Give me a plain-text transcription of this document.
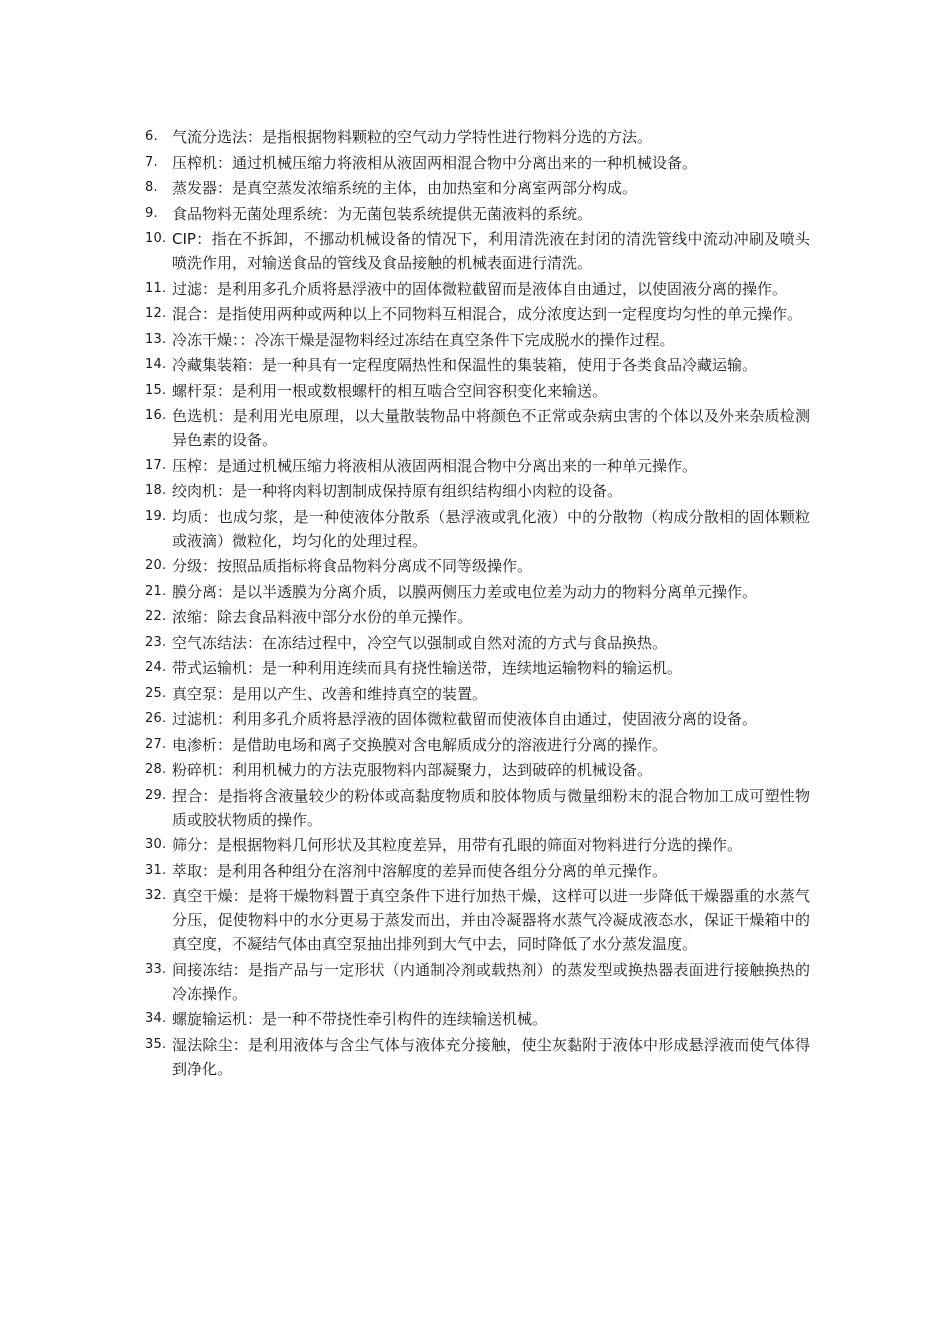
6. 气流分选法：是指根据物料颗粒的空气动力学特性进行物料分选的方法。
7. 压榨机：通过机械压缩力将液相从液固两相混合物中分离出来的一种机械设备。
8. 蒸发器：是真空蒸发浓缩系统的主体，由加热室和分离室两部分构成。
9. 食品物料无菌处理系统：为无菌包装系统提供无菌液料的系统。
10. CIP：指在不拆卸，不挪动机械设备的情况下，利用清洗液在封闭的清洗管线中流动冲刷及喷头喷洗作用，对输送食品的管线及食品接触的机械表面进行清洗。
11. 过滤：是利用多孔介质将悬浮液中的固体微粒截留而是液体自由通过，以使固液分离的操作。
12. 混合：是指使用两种或两种以上不同物料互相混合，成分浓度达到一定程度均匀性的单元操作。
13. 冷冻干燥：：冷冻干燥是湿物料经过冻结在真空条件下完成脱水的操作过程。
14. 冷藏集装箱：是一种具有一定程度隔热性和保温性的集装箱，使用于各类食品冷藏运输。
15. 螺杆泵：是利用一根或数根螺杆的相互啮合空间容积变化来输送。
16. 色选机：是利用光电原理，以大量散装物品中将颜色不正常或杂病虫害的个体以及外来杂质检测异色素的设备。
17. 压榨：是通过机械压缩力将液相从液固两相混合物中分离出来的一种单元操作。
18. 绞肉机：是一种将肉料切割制成保持原有组织结构细小肉粒的设备。
19. 均质：也成匀浆，是一种使液体分散系（悬浮液或乳化液）中的分散物（构成分散相的固体颗粒或液滴）微粒化，均匀化的处理过程。
20. 分级：按照品质指标将食品物料分离成不同等级操作。
21. 膜分离：是以半透膜为分离介质，以膜两侧压力差或电位差为动力的物料分离单元操作。
22. 浓缩：除去食品料液中部分水份的单元操作。
23. 空气冻结法：在冻结过程中，冷空气以强制或自然对流的方式与食品换热。
24. 带式运输机：是一种利用连续而具有挠性输送带，连续地运输物料的输运机。
25. 真空泵：是用以产生、改善和维持真空的装置。
26. 过滤机：利用多孔介质将悬浮液的固体微粒截留而使液体自由通过，使固液分离的设备。
27. 电渗析：是借助电场和离子交换膜对含电解质成分的溶液进行分离的操作。
28. 粉碎机：利用机械力的方法克服物料内部凝聚力，达到破碎的机械设备。
29. 捏合：是指将含液量较少的粉体或高黏度物质和胶体物质与微量细粉末的混合物加工成可塑性物质或胶状物质的操作。
30. 筛分：是根据物料几何形状及其粒度差异，用带有孔眼的筛面对物料进行分选的操作。
31. 萃取：是利用各种组分在溶剂中溶解度的差异而使各组分分离的单元操作。
32. 真空干燥：是将干燥物料置于真空条件下进行加热干燥，这样可以进一步降低干燥器重的水蒸气分压，促使物料中的水分更易于蒸发而出，并由冷凝器将水蒸气冷凝成液态水，保证干燥箱中的真空度，不凝结气体由真空泵抽出排列到大气中去，同时降低了水分蒸发温度。
33. 间接冻结：是指产品与一定形状（内通制冷剂或载热剂）的蒸发型或换热器表面进行接触换热的冷冻操作。
34. 螺旋输运机：是一种不带挠性牵引构件的连续输送机械。
35. 湿法除尘：是利用液体与含尘气体与液体充分接触，使尘灰黏附于液体中形成悬浮液而使气体得到净化。
